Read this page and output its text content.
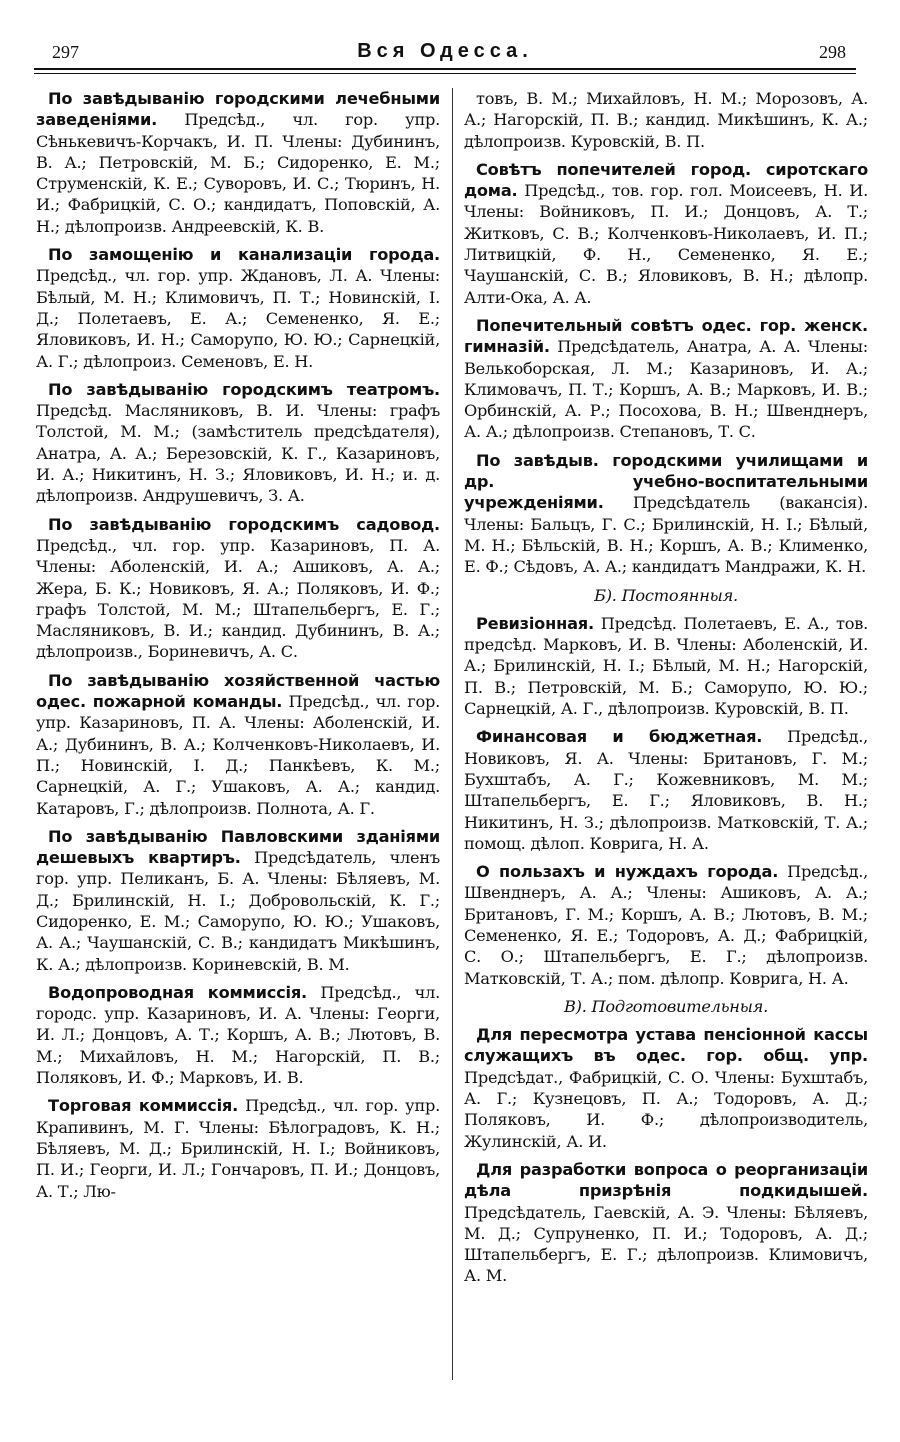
297	Вся Одесса.	298

По завѣдыванію городскими лечебными заведеніями. Предсѣд., чл. гор. упр. Сѣнькевичъ-Корчакъ, И. П. Члены: Дубининъ, В. А.; Петровскій, М. Б.; Сидоренко, Е. М.; Струменскій, К. Е.; Суворовъ, И. С.; Тюринъ, Н. И.; Фабрицкій, С. О.; кандидатъ, Поповскій, А. Н.; дѣлопроизв. Андреевскій, К. В.

По замощенію и канализаціи города. Предсѣд., чл. гор. упр. Ждановъ, Л. А. Члены: Бѣлый, М. Н.; Климовичъ, П. Т.; Новинскій, І. Д.; Полетаевъ, Е. А.; Семененко, Я. Е.; Яловиковъ, И. Н.; Саморупо, Ю. Ю.; Сарнецкій, А. Г.; дѣлопроиз. Семеновъ, Е. Н.

По завѣдыванію городскимъ театромъ. Предсѣд. Масляниковъ, В. И. Члены: графъ Толстой, М. М.; (замѣститель предсѣдателя), Анатра, А. А.; Березовскій, К. Г., Казариновъ, И. А.; Никитинъ, Н. З.; Яловиковъ, И. Н.; и. д. дѣлопроизв. Андрушевичъ, З. А.

По завѣдыванію городскимъ садовод. Предсѣд., чл. гор. упр. Казариновъ, П. А. Члены: Аболенскій, И. А.; Ашиковъ, А. А.; Жера, Б. К.; Новиковъ, Я. А.; Поляковъ, И. Ф.; графъ Толстой, М. М.; Штапельбергъ, Е. Г.; Масляниковъ, В. И.; кандид. Дубининъ, В. А.; дѣлопроизв., Бориневичъ, А. С.

По завѣдыванію хозяйственной частью одес. пожарной команды. Предсѣд., чл. гор. упр. Казариновъ, П. А. Члены: Аболенскій, И. А.; Дубининъ, В. А.; Колченковъ-Николаевъ, И. П.; Новинскій, І. Д.; Панкѣевъ, К. М.; Сарнецкій, А. Г.; Ушаковъ, А. А.; кандид. Катаровъ, Г.; дѣлопроизв. Полнота, А. Г.

По завѣдыванію Павловскими зданіями дешевыхъ квартиръ. Предсѣдатель, членъ гор. упр. Пеликанъ, Б. А. Члены: Бѣляевъ, М. Д.; Брилинскій, Н. І.; Добровольскій, К. Г.; Сидоренко, Е. М.; Саморупо, Ю. Ю.; Ушаковъ, А. А.; Чаушанскій, С. В.; кандидатъ Микѣшинъ, К. А.; дѣлопроизв. Кориневскій, В. М.

Водопроводная коммиссія. Предсѣд., чл. городс. упр. Казариновъ, И. А. Члены: Георги, И. Л.; Донцовъ, А. Т.; Коршъ, А. В.; Лютовъ, В. М.; Михайловъ, Н. М.; Нагорскій, П. В.; Поляковъ, И. Ф.; Марковъ, И. В.

Торговая коммиссія. Предсѣд., чл. гор. упр. Крапивинъ, М. Г. Члены: Бѣлоградовъ, К. Н.; Бѣляевъ, М. Д.; Брилинскій, Н. І.; Войниковъ, П. И.; Георги, И. Л.; Гончаровъ, П. И.; Донцовъ, А. Т.; Лю-

товъ, В. М.; Михайловъ, Н. М.; Морозовъ, А. А.; Нагорскій, П. В.; кандид. Микѣшинъ, К. А.; дѣлопроизв. Куровскій, В. П.

Совѣтъ попечителей город. сиротскаго дома. Предсѣд., тов. гор. гол. Моисеевъ, Н. И. Члены: Войниковъ, П. И.; Донцовъ, А. Т.; Житковъ, С. В.; Колченковъ-Николаевъ, И. П.; Литвицкій, Ф. Н., Семененко, Я. Е.; Чаушанскій, С. В.; Яловиковъ, В. Н.; дѣлопр. Алти-Ока, А. А.

Попечительный совѣтъ одес. гор. женск. гимназій. Предсѣдатель, Анатра, А. А. Члены: Велькоборская, Л. М.; Казариновъ, И. А.; Климовачъ, П. Т.; Коршъ, А. В.; Марковъ, И. В.; Орбинскій, А. Р.; Посохова, В. Н.; Швенднеръ, А. А.; дѣлопроизв. Степановъ, Т. С.

По завѣдыв. городскими училищами и др. учебно-воспитательными учрежденіями. Предсѣдатель (вакансія). Члены: Бальцъ, Г. С.; Брилинскій, Н. І.; Бѣлый, М. Н.; Бѣльскій, В. Н.; Коршъ, А. В.; Клименко, Е. Ф.; Сѣдовъ, А. А.; кандидатъ Мандражи, К. Н.

Б). Постоянныя.

Ревизіонная. Предсѣд. Полетаевъ, Е. А., тов. предсѣд. Марковъ, И. В. Члены: Аболенскій, И. А.; Брилинскій, Н. І.; Бѣлый, М. Н.; Нагорскій, П. В.; Петровскій, М. Б.; Саморупо, Ю. Ю.; Сарнецкій, А. Г., дѣлопроизв. Куровскій, В. П.

Финансовая и бюджетная. Предсѣд., Новиковъ, Я. А. Члены: Британовъ, Г. М.; Бухштабъ, А. Г.; Кожевниковъ, М. М.; Штапельбергъ, Е. Г.; Яловиковъ, В. Н.; Никитинъ, Н. З.; дѣлопроизв. Матковскій, Т. А.; помощ. дѣлоп. Коврига, Н. А.

О пользахъ и нуждахъ города. Предсѣд., Швенднеръ, А. А.; Члены: Ашиковъ, А. А.; Британовъ, Г. М.; Коршъ, А. В.; Лютовъ, В. М.; Семененко, Я. Е.; Тодоровъ, А. Д.; Фабрицкій, С. О.; Штапельбергъ, Е. Г.; дѣлопроизв. Матковскій, Т. А.; пом. дѣлопр. Коврига, Н. А.

В). Подготовительныя.

Для пересмотра устава пенсіонной кассы служащихъ въ одес. гор. общ. упр. Предсѣдат., Фабрицкій, С. О. Члены: Бухштабъ, А. Г.; Кузнецовъ, П. А.; Тодоровъ, А. Д.; Поляковъ, И. Ф.; дѣлопроизводитель, Жулинскій, А. И.

Для разработки вопроса о реорганизаціи дѣла призрѣнія подкидышей. Предсѣдатель, Гаевскій, А. Э. Члены: Бѣляевъ, М. Д.; Супруненко, П. И.; Тодоровъ, А. Д.; Штапельбергъ, Е. Г.; дѣлопроизв. Климовичъ, А. М.
